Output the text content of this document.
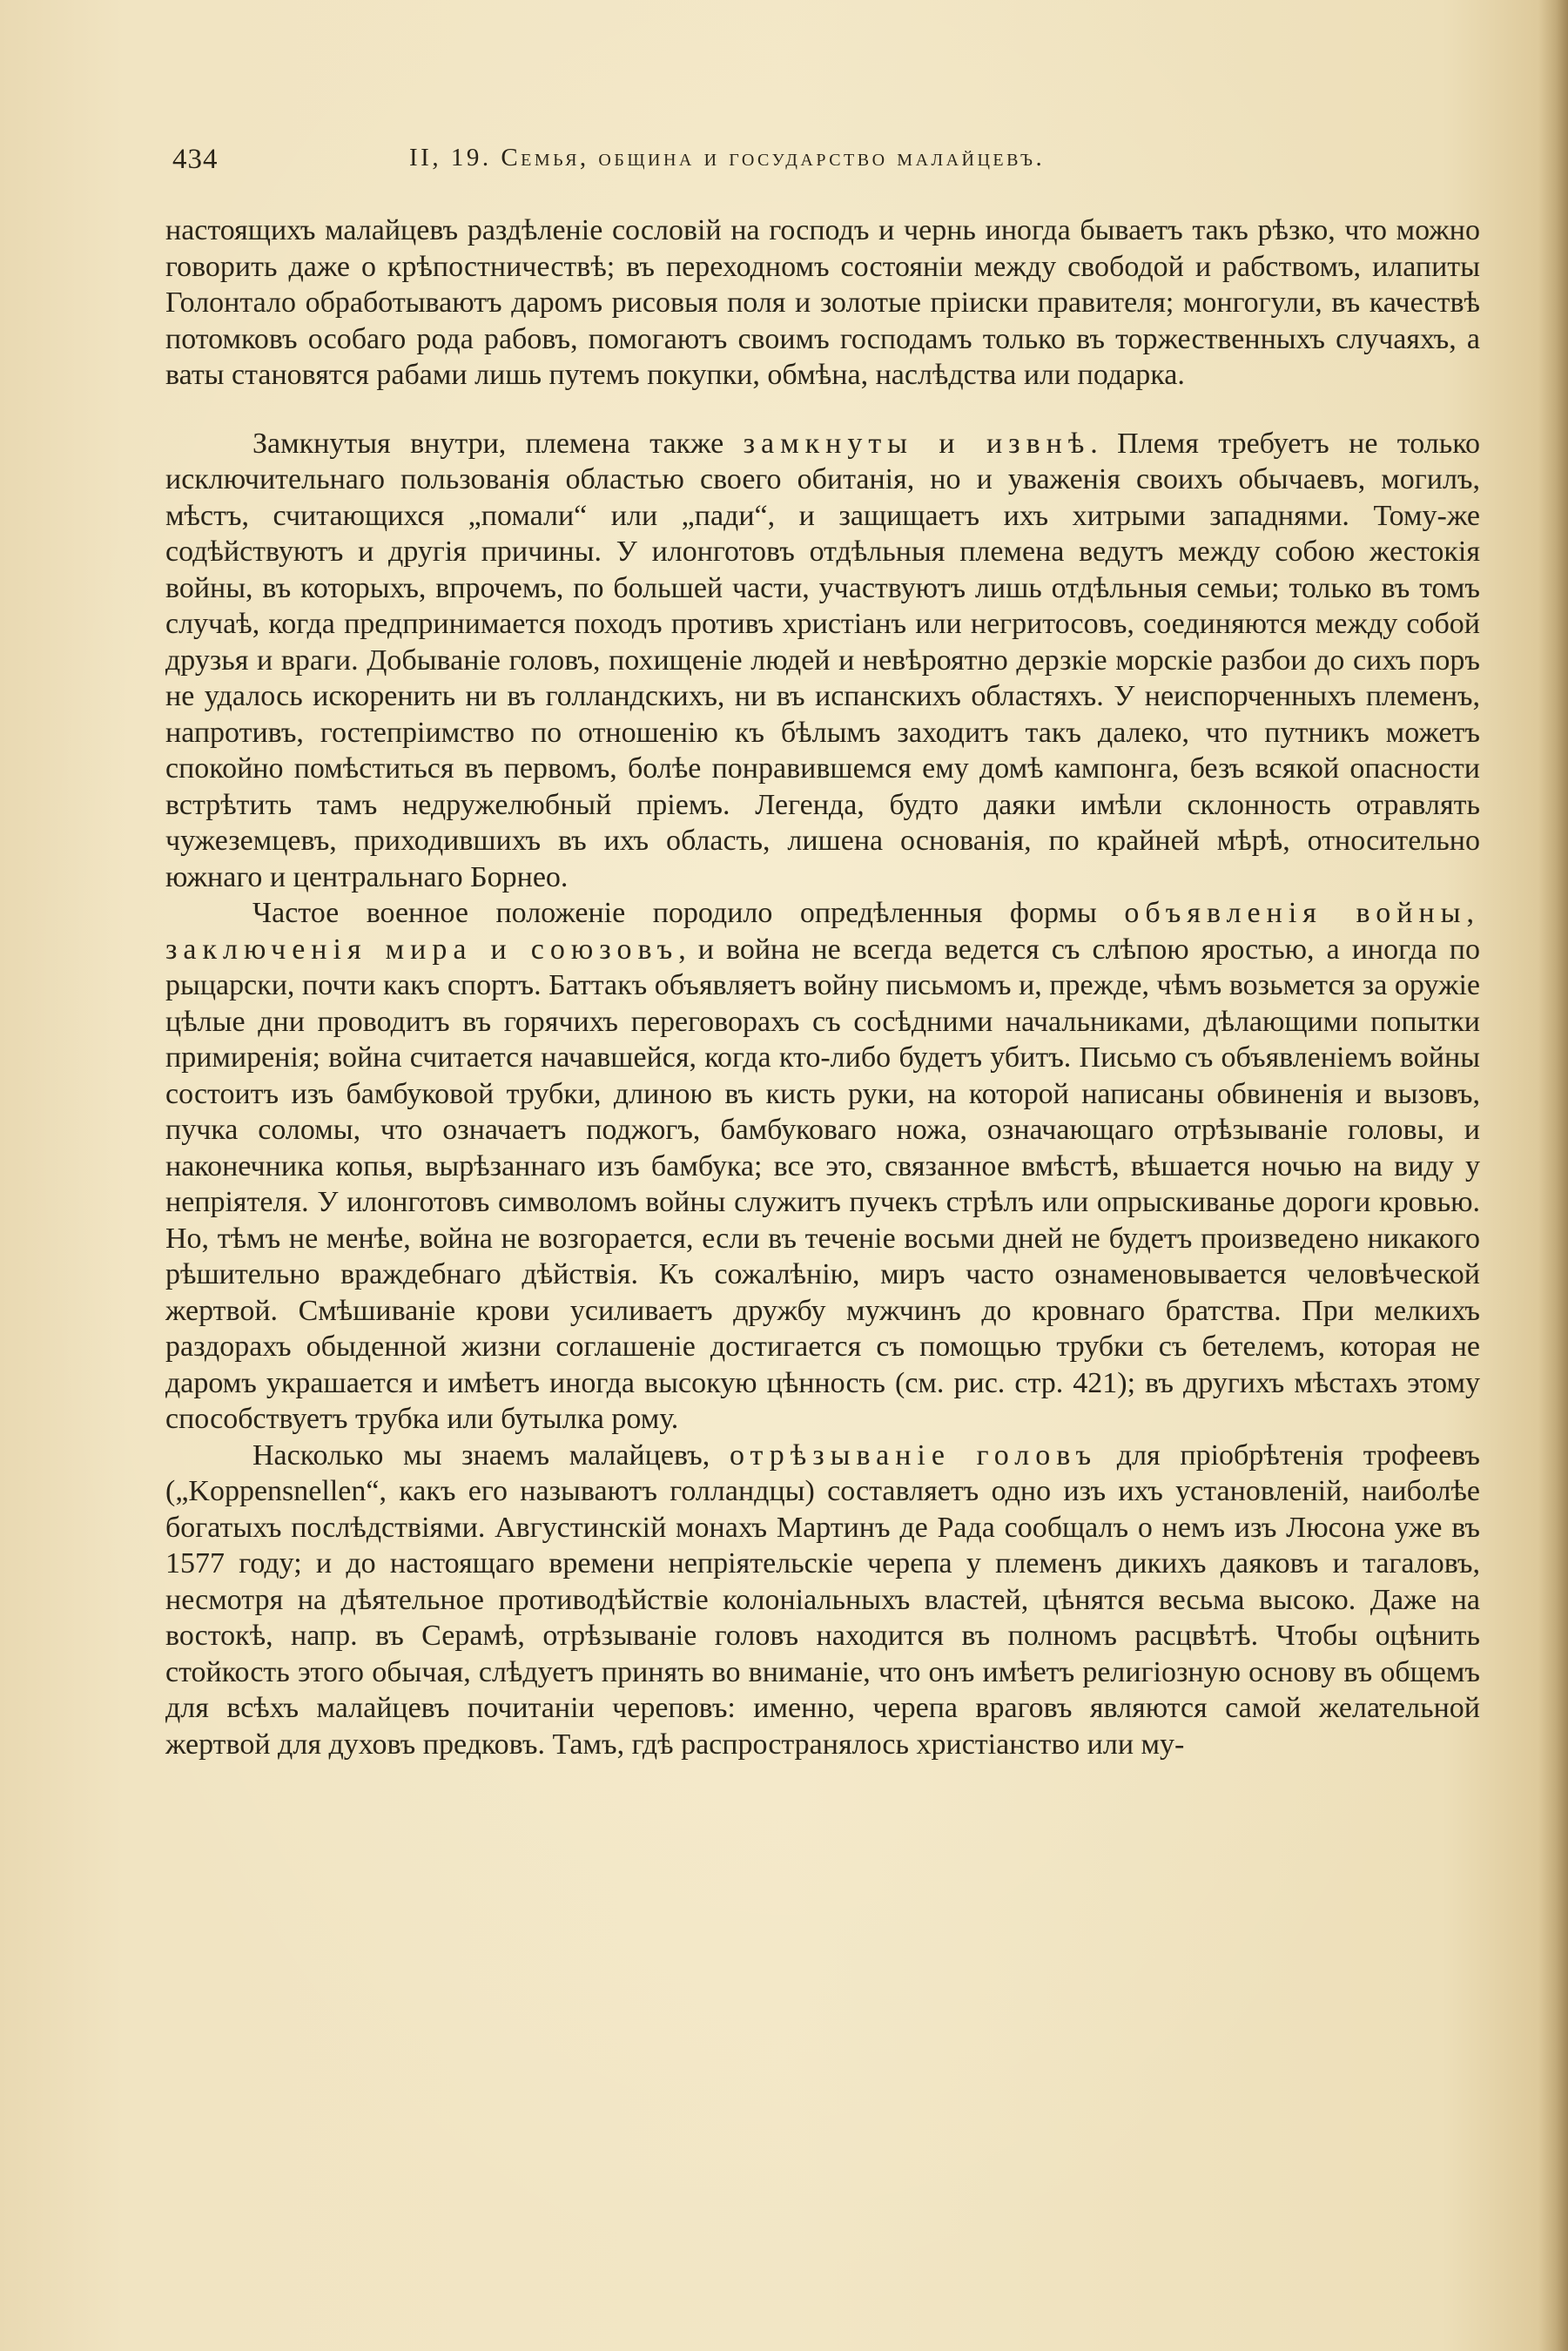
434	II, 19. Семья, община и государство малайцевъ.

настоящихъ малайцевъ раздѣленіе сословій на господъ и чернь иногда бываетъ такъ рѣзко, что можно говорить даже о крѣпостничествѣ; въ переходномъ состояніи между свободой и рабствомъ, илапиты Голонтало обработываютъ даромъ рисовыя поля и золотые пріиски правителя; монгогули, въ качествѣ потомковъ особаго рода рабовъ, помогаютъ своимъ господамъ только въ торжественныхъ случаяхъ, а ваты становятся рабами лишь путемъ покупки, обмѣна, наслѣдства или подарка.

Замкнутыя внутри, племена также замкнуты и извнѣ. Племя требуетъ не только исключительнаго пользованія областью своего обитанія, но и уваженія своихъ обычаевъ, могилъ, мѣстъ, считающихся „помали“ или „пади“, и защищаетъ ихъ хитрыми западнями. Тому-же содѣйствуютъ и другія причины. У илонготовъ отдѣльныя племена ведутъ между собою жестокія войны, въ которыхъ, впрочемъ, по большей части, участвуютъ лишь отдѣльныя семьи; только въ томъ случаѣ, когда предпринимается походъ противъ христіанъ или негритосовъ, соединяются между собой друзья и враги. Добываніе головъ, похищеніе людей и невѣроятно дерзкіе морскіе разбои до сихъ поръ не удалось искоренить ни въ голландскихъ, ни въ испанскихъ областяхъ. У неиспорченныхъ племенъ, напротивъ, гостепріимство по отношенію къ бѣлымъ заходитъ такъ далеко, что путникъ можетъ спокойно помѣститься въ первомъ, болѣе понравившемся ему домѣ кампонга, безъ всякой опасности встрѣтить тамъ недружелюбный пріемъ. Легенда, будто даяки имѣли склонность отравлять чужеземцевъ, приходившихъ въ ихъ область, лишена основанія, по крайней мѣрѣ, относительно южнаго и центральнаго Борнео.

Частое военное положеніе породило опредѣленныя формы объявленія войны, заключенія мира и союзовъ, и война не всегда ведется съ слѣпою яростью, а иногда по рыцарски, почти какъ спортъ. Баттакъ объявляетъ войну письмомъ и, прежде, чѣмъ возьмется за оружіе цѣлые дни проводитъ въ горячихъ переговорахъ съ сосѣдними начальниками, дѣлающими попытки примиренія; война считается начавшейся, когда кто-либо будетъ убитъ. Письмо съ объявленіемъ войны состоитъ изъ бамбуковой трубки, длиною въ кисть руки, на которой написаны обвиненія и вызовъ, пучка соломы, что означаетъ поджогъ, бамбуковаго ножа, означающаго отрѣзываніе головы, и наконечника копья, вырѣзаннаго изъ бамбука; все это, связанное вмѣстѣ, вѣшается ночью на виду у непріятеля. У илонготовъ символомъ войны служитъ пучекъ стрѣлъ или опрыскиванье дороги кровью. Но, тѣмъ не менѣе, война не возгорается, если въ теченіе восьми дней не будетъ произведено никакого рѣшительно враждебнаго дѣйствія. Къ сожалѣнію, миръ часто ознаменовывается человѣческой жертвой. Смѣшиваніе крови усиливаетъ дружбу мужчинъ до кровнаго братства. При мелкихъ раздорахъ обыденной жизни соглашеніе достигается съ помощью трубки съ бетелемъ, которая не даромъ украшается и имѣетъ иногда высокую цѣнность (см. рис. стр. 421); въ другихъ мѣстахъ этому способствуетъ трубка или бутылка рому.

Насколько мы знаемъ малайцевъ, отрѣзываніе головъ для пріобрѣтенія трофеевъ („Koppensnellen“, какъ его называютъ голландцы) составляетъ одно изъ ихъ установленій, наиболѣе богатыхъ послѣдствіями. Августинскій монахъ Мартинъ де Рада сообщалъ о немъ изъ Люсона уже въ 1577 году; и до настоящаго времени непріятельскіе черепа у племенъ дикихъ даяковъ и тагаловъ, несмотря на дѣятельное противодѣйствіе колоніальныхъ властей, цѣнятся весьма высоко. Даже на востокѣ, напр. въ Серамѣ, отрѣзываніе головъ находится въ полномъ расцвѣтѣ. Чтобы оцѣнить стойкость этого обычая, слѣдуетъ принять во вниманіе, что онъ имѣетъ религіозную основу въ общемъ для всѣхъ малайцевъ почитаніи череповъ: именно, черепа враговъ являются самой желательной жертвой для духовъ предковъ. Тамъ, гдѣ распространялось христіанство или му-
